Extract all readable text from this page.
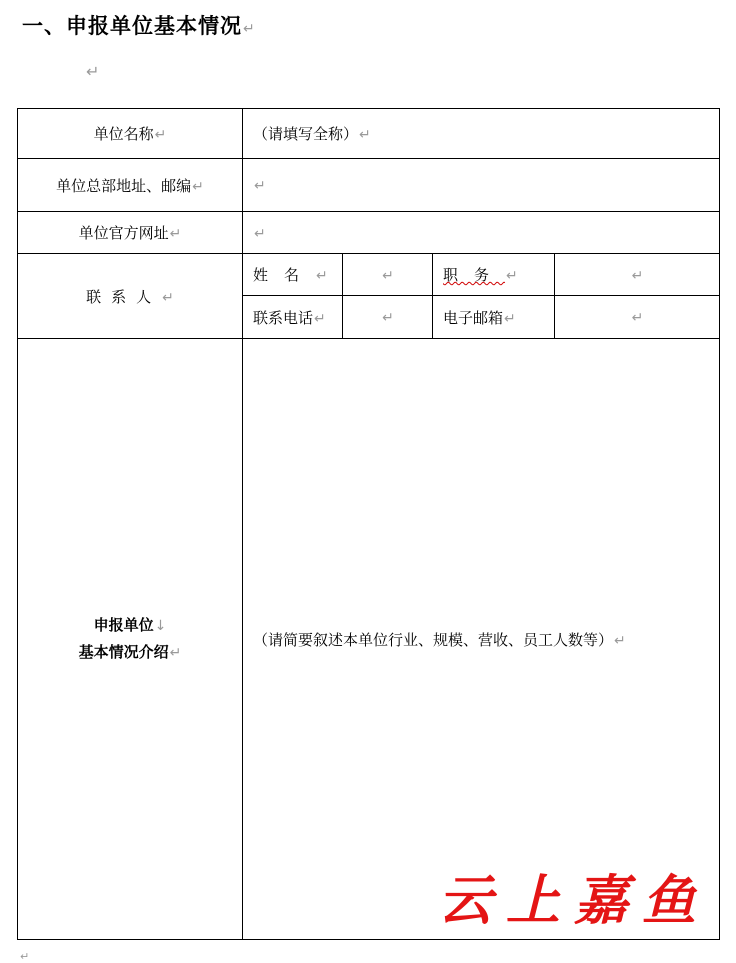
一、申报单位基本情况↵
↵
单位名称↵	（请填写全称）↵			
单位总部地址、邮编↵	↵			
单位官方网址↵	↵			
联系人↵	姓名↵	↵	职务↵	↵
	联系电话↵	↵	电子邮箱↵	↵

申报单位↓
基本情况介绍↵	（请简要叙述本单位行业、规模、营收、员工人数等）↵			
云上嘉鱼
↵
